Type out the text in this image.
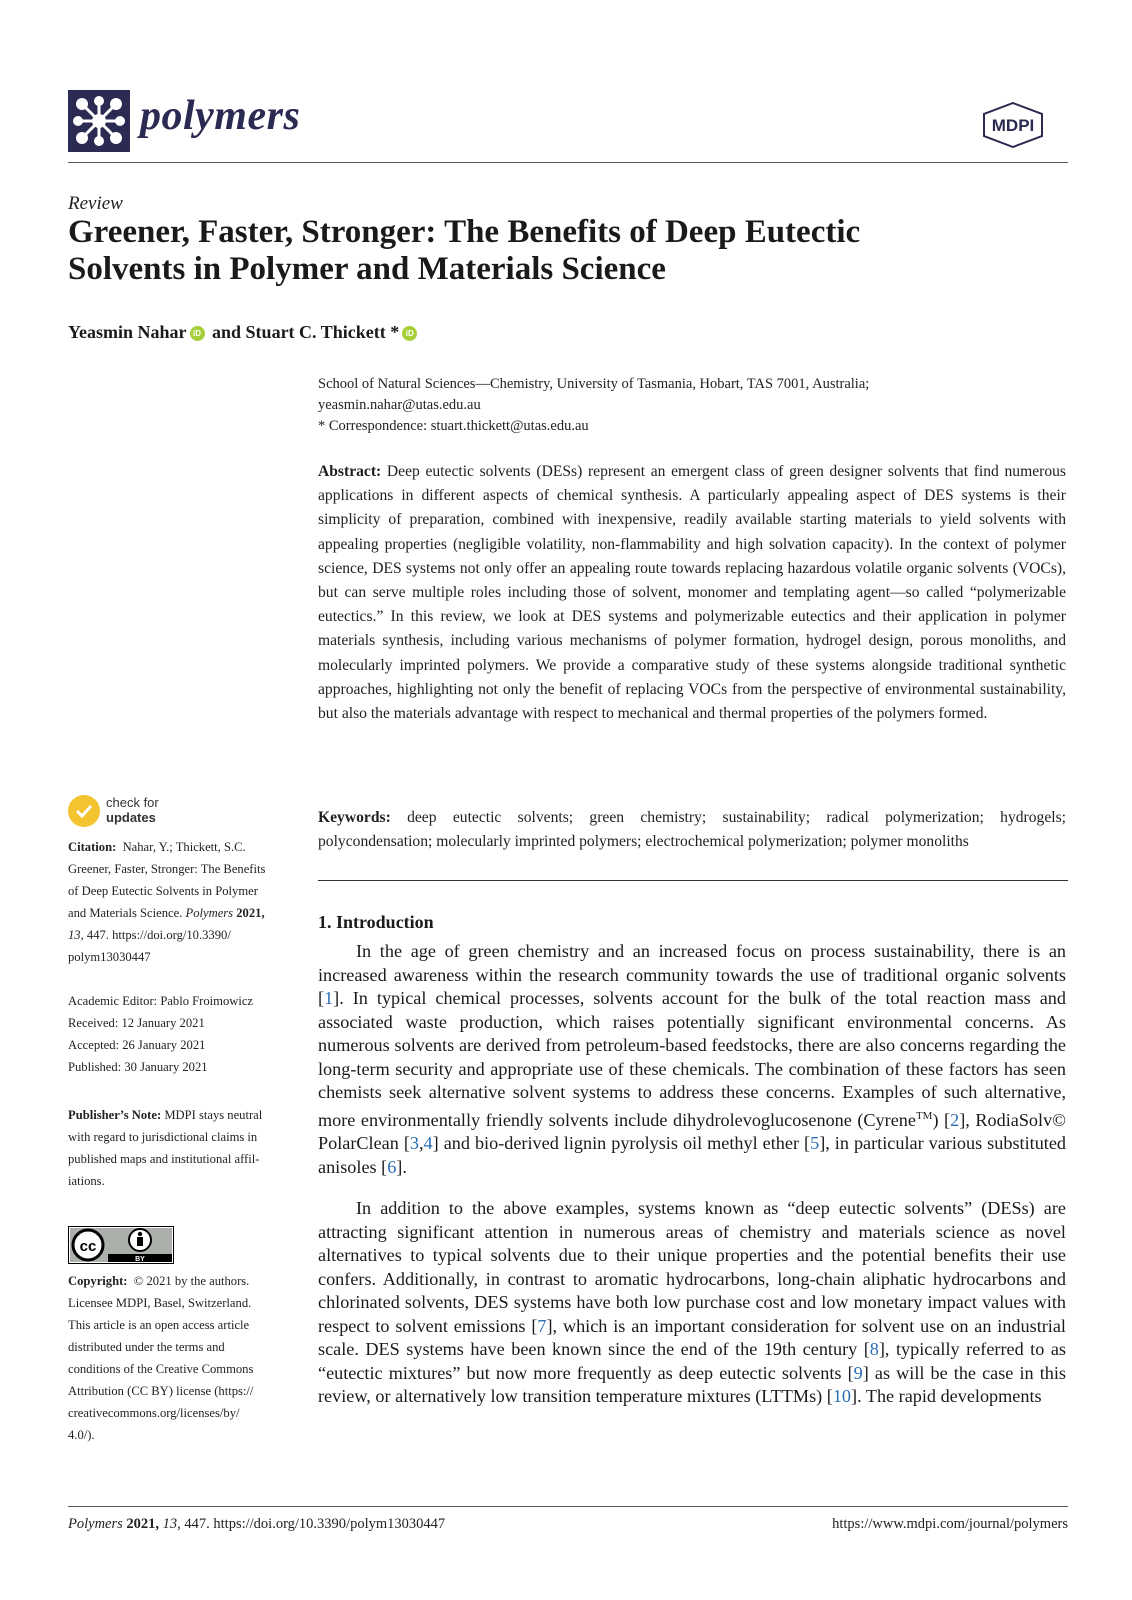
polymers	MDPI
Review
Greener, Faster, Stronger: The Benefits of Deep Eutectic
Solvents in Polymer and Materials Science
Yeasmin Nahar iD and Stuart C. Thickett * iD
School of Natural Sciences—Chemistry, University of Tasmania, Hobart, TAS 7001, Australia;
yeasmin.nahar@utas.edu.au
* Correspondence: stuart.thickett@utas.edu.au

Abstract: Deep eutectic solvents (DESs) represent an emergent class of green designer solvents that find numerous applications in different aspects of chemical synthesis. A particularly appealing aspect of DES systems is their simplicity of preparation, combined with inexpensive, readily available starting materials to yield solvents with appealing properties (negligible volatility, non-flammability and high solvation capacity). In the context of polymer science, DES systems not only offer an appealing route towards replacing hazardous volatile organic solvents (VOCs), but can serve multiple roles including those of solvent, monomer and templating agent—so called “polymerizable eutectics.” In this review, we look at DES systems and polymerizable eutectics and their application in polymer materials synthesis, including various mechanisms of polymer formation, hydrogel design, porous monoliths, and molecularly imprinted polymers. We provide a comparative study of these systems alongside traditional synthetic approaches, highlighting not only the benefit of replacing VOCs from the perspective of environmental sustainability, but also the materials advantage with respect to mechanical and thermal properties of the polymers formed.

Keywords: deep eutectic solvents; green chemistry; sustainability; radical polymerization; hydrogels; polycondensation; molecularly imprinted polymers; electrochemical polymerization; polymer monoliths

1. Introduction

In the age of green chemistry and an increased focus on process sustainability, there is an increased awareness within the research community towards the use of traditional organic solvents [1]. In typical chemical processes, solvents account for the bulk of the total reaction mass and associated waste production, which raises potentially significant environmental concerns. As numerous solvents are derived from petroleum-based feedstocks, there are also concerns regarding the long-term security and appropriate use of these chemicals. The combination of these factors has seen chemists seek alternative solvent systems to address these concerns. Examples of such alternative, more environmentally friendly solvents include dihydrolevoglucosenone (Cyrene™) [2], RodiaSolv© PolarClean [3,4] and bio-derived lignin pyrolysis oil methyl ether [5], in particular various substituted anisoles [6].

In addition to the above examples, systems known as “deep eutectic solvents” (DESs) are attracting significant attention in numerous areas of chemistry and materials science as novel alternatives to typical solvents due to their unique properties and the potential benefits their use confers. Additionally, in contrast to aromatic hydrocarbons, long-chain aliphatic hydrocarbons and chlorinated solvents, DES systems have both low purchase cost and low monetary impact values with respect to solvent emissions [7], which is an important consideration for solvent use on an industrial scale. DES systems have been known since the end of the 19th century [8], typically referred to as “eutectic mixtures” but now more frequently as deep eutectic solvents [9] as will be the case in this review, or alternatively low transition temperature mixtures (LTTMs) [10]. The rapid developments

check for
updates
Citation: Nahar, Y.; Thickett, S.C.
Greener, Faster, Stronger: The Benefits
of Deep Eutectic Solvents in Polymer
and Materials Science. Polymers 2021,
13, 447. https://doi.org/10.3390/
polym13030447
Academic Editor: Pablo Froimowicz
Received: 12 January 2021
Accepted: 26 January 2021
Published: 30 January 2021
Publisher’s Note: MDPI stays neutral
with regard to jurisdictional claims in
published maps and institutional affil-
iations.
cc
BY
Copyright: © 2021 by the authors.
Licensee MDPI, Basel, Switzerland.
This article is an open access article
distributed under the terms and
conditions of the Creative Commons
Attribution (CC BY) license (https://
creativecommons.org/licenses/by/
4.0/).
Polymers 2021, 13, 447. https://doi.org/10.3390/polym13030447	https://www.mdpi.com/journal/polymers
